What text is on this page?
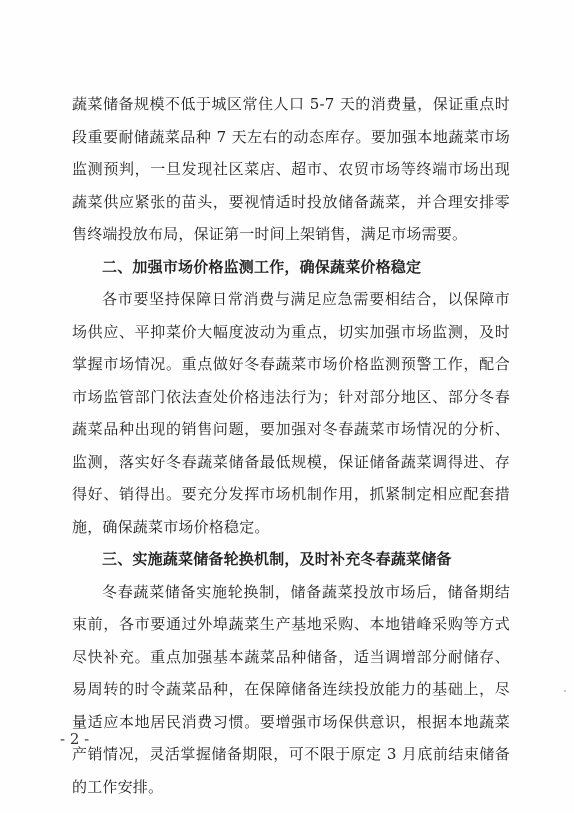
蔬菜储备规模不低于城区常住人口 5-7 天的消费量，保证重点时
段重要耐储蔬菜品种 7 天左右的动态库存。要加强本地蔬菜市场
监测预判，一旦发现社区菜店、超市、农贸市场等终端市场出现
蔬菜供应紧张的苗头，要视情适时投放储备蔬菜，并合理安排零
售终端投放布局，保证第一时间上架销售，满足市场需要。
二、加强市场价格监测工作，确保蔬菜价格稳定
各市要坚持保障日常消费与满足应急需要相结合，以保障市
场供应、平抑菜价大幅度波动为重点，切实加强市场监测，及时
掌握市场情况。重点做好冬春蔬菜市场价格监测预警工作，配合
市场监管部门依法查处价格违法行为；针对部分地区、部分冬春
蔬菜品种出现的销售问题，要加强对冬春蔬菜市场情况的分析、
监测，落实好冬春蔬菜储备最低规模，保证储备蔬菜调得进、存
得好、销得出。要充分发挥市场机制作用，抓紧制定相应配套措
施，确保蔬菜市场价格稳定。
三、实施蔬菜储备轮换机制，及时补充冬春蔬菜储备
冬春蔬菜储备实施轮换制，储备蔬菜投放市场后，储备期结
束前，各市要通过外埠蔬菜生产基地采购、本地错峰采购等方式
尽快补充。重点加强基本蔬菜品种储备，适当调增部分耐储存、
易周转的时令蔬菜品种，在保障储备连续投放能力的基础上，尽
量适应本地居民消费习惯。要增强市场保供意识，根据本地蔬菜
产销情况，灵活掌握储备期限，可不限于原定 3 月底前结束储备
的工作安排。
- 2 -
